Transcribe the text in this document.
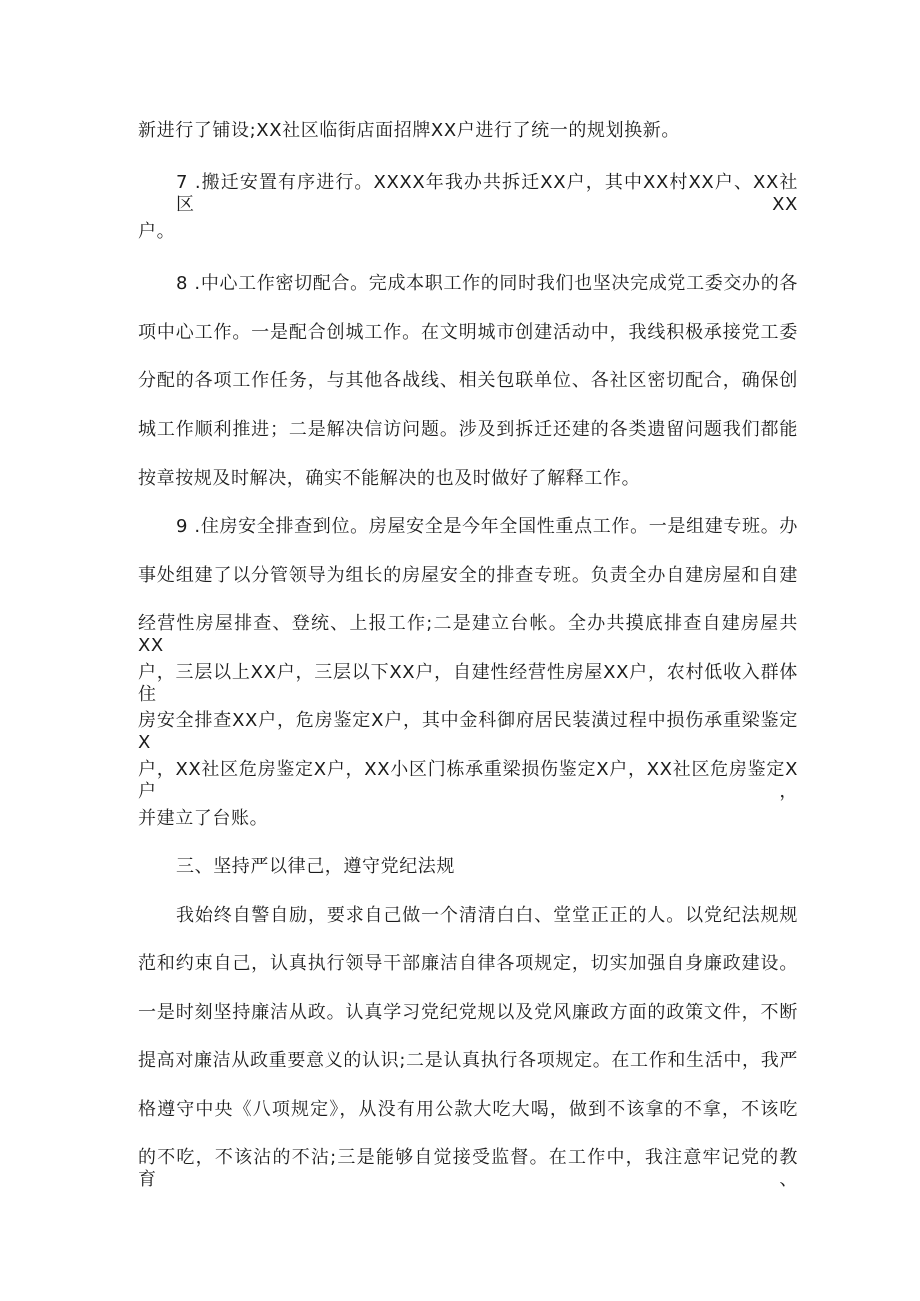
新进行了铺设;XX社区临街店面招牌XX户进行了统一的规划换新。

7 .搬迁安置有序进行。XXXX年我办共拆迁XX户，其中XX村XX户、XX社区XX

户。

8 .中心工作密切配合。完成本职工作的同时我们也坚决完成党工委交办的各

项中心工作。一是配合创城工作。在文明城市创建活动中，我线积极承接党工委

分配的各项工作任务，与其他各战线、相关包联单位、各社区密切配合，确保创

城工作顺利推进；二是解决信访问题。涉及到拆迁还建的各类遗留问题我们都能

按章按规及时解决，确实不能解决的也及时做好了解释工作。

9 .住房安全排查到位。房屋安全是今年全国性重点工作。一是组建专班。办

事处组建了以分管领导为组长的房屋安全的排查专班。负责全办自建房屋和自建

经营性房屋排查、登统、上报工作;二是建立台帐。全办共摸底排查自建房屋共XX

户，三层以上XX户，三层以下XX户，自建性经营性房屋XX户，农村低收入群体住

房安全排查XX户，危房鉴定X户，其中金科御府居民装潢过程中损伤承重梁鉴定X

户，XX社区危房鉴定X户，XX小区门栋承重梁损伤鉴定X户，XX社区危房鉴定X户，

并建立了台账。

三、坚持严以律己，遵守党纪法规

我始终自警自励，要求自己做一个清清白白、堂堂正正的人。以党纪法规规

范和约束自己，认真执行领导干部廉洁自律各项规定，切实加强自身廉政建设。

一是时刻坚持廉洁从政。认真学习党纪党规以及党风廉政方面的政策文件，不断

提高对廉洁从政重要意义的认识;二是认真执行各项规定。在工作和生活中，我严

格遵守中央《八项规定》，从没有用公款大吃大喝，做到不该拿的不拿，不该吃

的不吃，不该沾的不沾;三是能够自觉接受监督。在工作中，我注意牢记党的教育、
